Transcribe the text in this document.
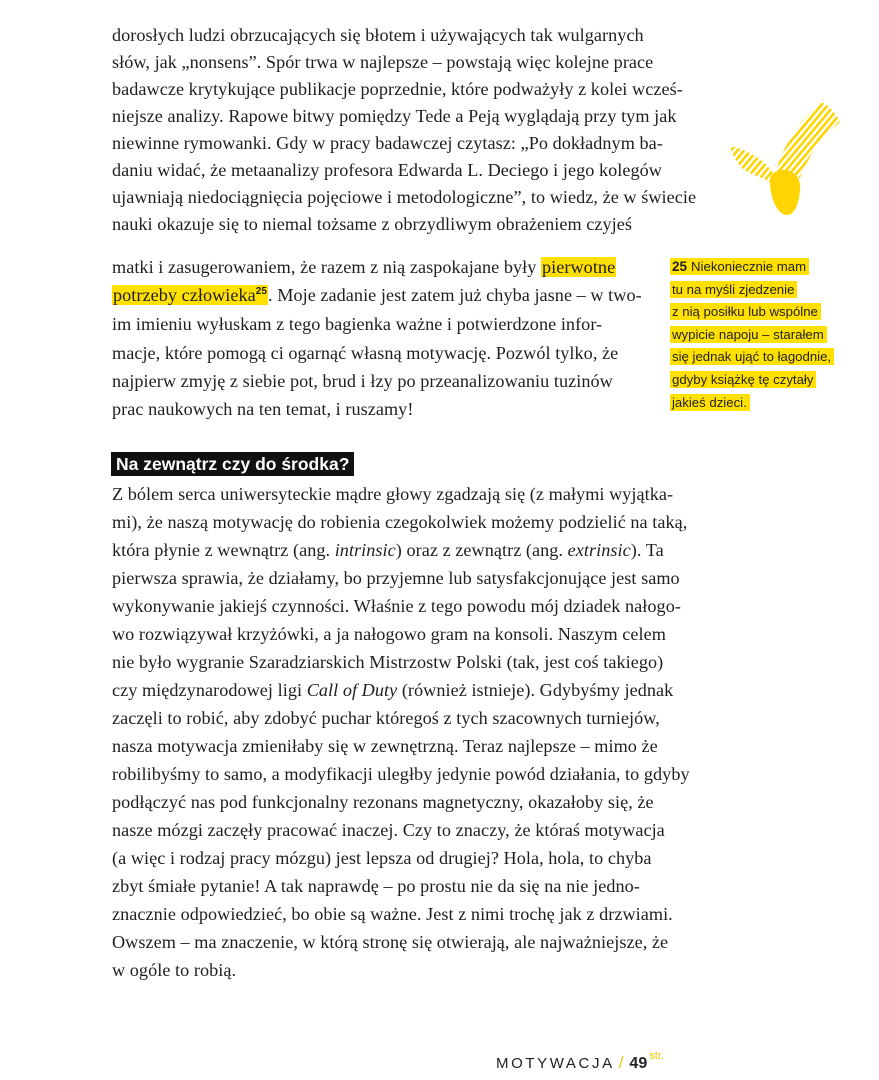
dorosłych ludzi obrzucających się błotem i używających tak wulgarnych
słów, jak „nonsens”. Spór trwa w najlepsze – powstają więc kolejne prace
badawcze krytykujące publikacje poprzednie, które podważyły z kolei wcześ-
niejsze analizy. Rapowe bitwy pomiędzy Tede a Peją wyglądają przy tym jak
niewinne rymowanki. Gdy w pracy badawczej czytasz: „Po dokładnym ba-
daniu widać, że metaanalizy profesora Edwarda L. Deciego i jego kolegów
ujawniają niedociągnięcia pojęciowe i metodologiczne”, to wiedz, że w świecie
nauki okazuje się to niemal tożsame z obrzydliwym obrażeniem czyjeś
matki i zasugerowaniem, że razem z nią zaspokajane były pierwotne
potrzeby człowieka$^{25}$. Moje zadanie jest zatem już chyba jasne – w two-
im imieniu wyłuskam z tego bagienka ważne i potwierdzone infor-
macje, które pomogą ci ogarnąć własną motywację. Pozwól tylko, że
najpierw zmyję z siebie pot, brud i łzy po przeanalizowaniu tuzinów
prac naukowych na ten temat, i ruszamy!
Na zewnątrz czy do środka?
Z bólem serca uniwersyteckie mądre głowy zgadzają się (z małymi wyjątka-
mi), że naszą motywację do robienia czegokolwiek możemy podzielić na taką,
która płynie z wewnątrz (ang. intrinsic) oraz z zewnątrz (ang. extrinsic). Ta
pierwsza sprawia, że działamy, bo przyjemne lub satysfakcjonujące jest samo
wykonywanie jakiejś czynności. Właśnie z tego powodu mój dziadek nałogo-
wo rozwiązywał krzyżówki, a ja nałogowo gram na konsoli. Naszym celem
nie było wygranie Szaradziarskich Mistrzostw Polski (tak, jest coś takiego)
czy międzynarodowej ligi Call of Duty (również istnieje). Gdybyśmy jednak
zaczęli to robić, aby zdobyć puchar któregoś z tych szacownych turniejów,
nasza motywacja zmieniłaby się w zewnętrzną. Teraz najlepsze – mimo że
robilibyśmy to samo, a modyfikacji uległby jedynie powód działania, to gdyby
podłączyć nas pod funkcjonalny rezonans magnetyczny, okazałoby się, że
nasze mózgi zaczęły pracować inaczej. Czy to znaczy, że któraś motywacja
(a więc i rodzaj pracy mózgu) jest lepsza od drugiej? Hola, hola, to chyba
zbyt śmiałe pytanie! A tak naprawdę – po prostu nie da się na nie jedno-
znacznie odpowiedzieć, bo obie są ważne. Jest z nimi trochę jak z drzwiami.
Owszem – ma znaczenie, w którą stronę się otwierają, ale najważniejsze, że
w ogóle to robią.
25 Niekoniecznie mam
tu na myśli zjedzenie
z nią posiłku lub wspólne
wypicie napoju – starałem
się jednak ująć to łagodnie,
gdyby książkę tę czytały
jakieś dzieci.
MOTYWACJA / 49 $^{str.}$
